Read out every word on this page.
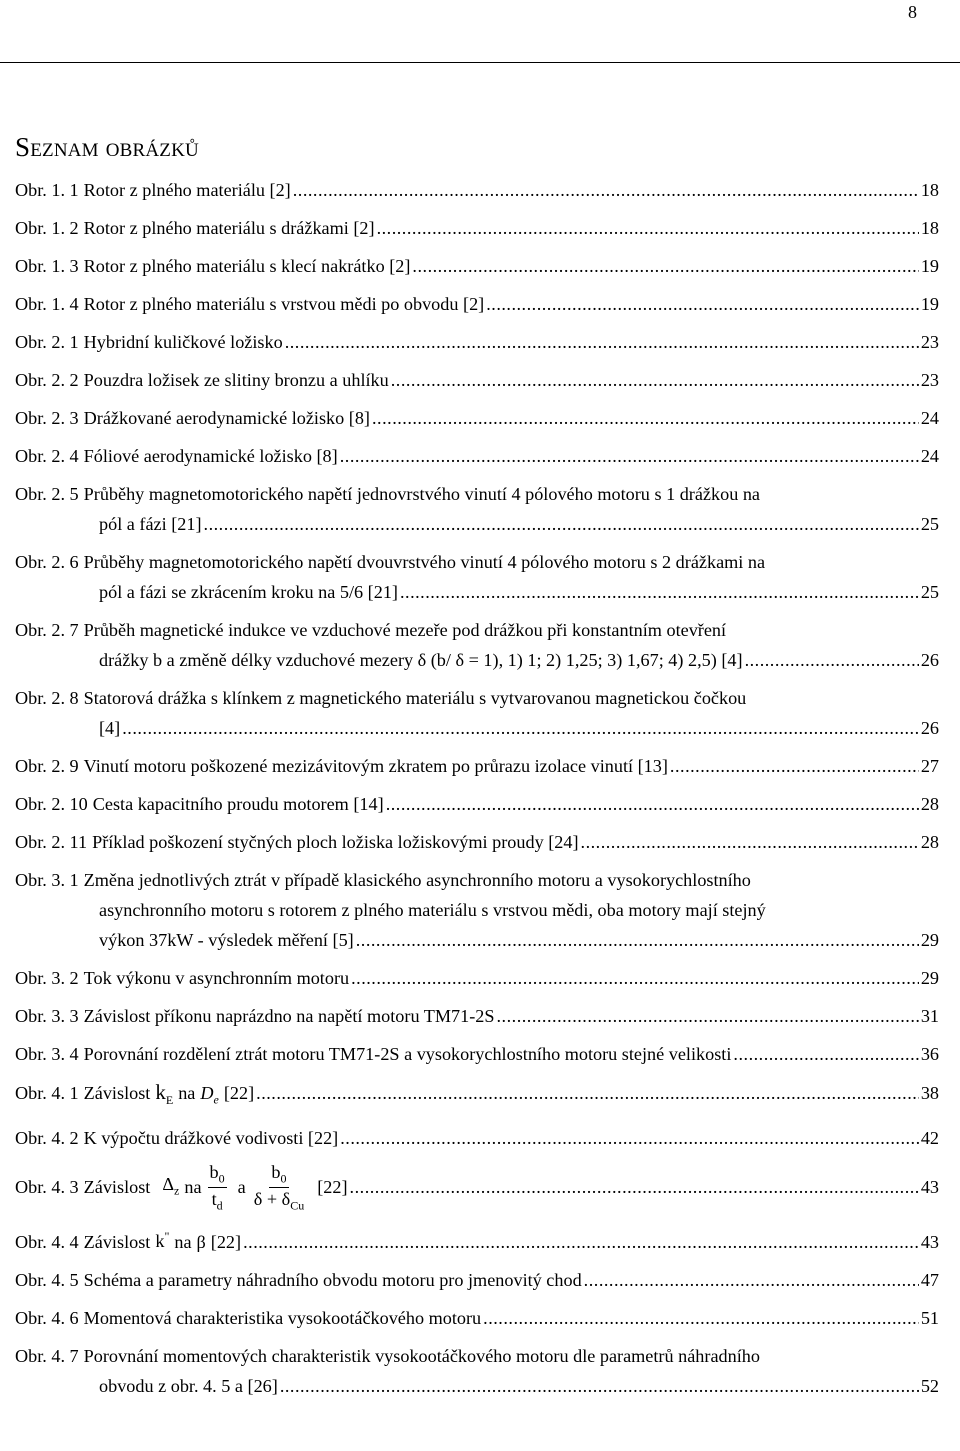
8
Seznam obrázků
Obr. 1. 1 Rotor z plného materiálu [2] .....	18
Obr. 1. 2 Rotor z plného materiálu s drážkami [2] .....	18
Obr. 1. 3 Rotor z plného materiálu s klecí nakrátko [2] .....	19
Obr. 1. 4 Rotor z plného materiálu s vrstvou mědi po obvodu [2] .....	19
Obr. 2. 1 Hybridní kuličkové ložisko .....	23
Obr. 2. 2 Pouzdra ložisek ze slitiny bronzu a uhlíku .....	23
Obr. 2. 3 Drážkované aerodynamické ložisko [8] .....	24
Obr. 2. 4 Fóliové aerodynamické ložisko [8] .....	24
Obr. 2. 5 Průběhy magnetomotorického napětí jednovrstvého vinutí 4 pólového motoru s 1 drážkou na
pól a fázi [21] .....	25
Obr. 2. 6 Průběhy magnetomotorického napětí dvouvrstvého vinutí 4 pólového motoru s 2 drážkami na
pól a fázi se zkrácením kroku na 5/6 [21] .....	25
Obr. 2. 7 Průběh magnetické indukce ve vzduchové mezeře pod drážkou při konstantním otevření
drážky b a změně délky vzduchové mezery δ (b/ δ = 1), 1) 1; 2) 1,25; 3) 1,67; 4) 2,5) [4] .....	26
Obr. 2. 8 Statorová drážka s klínkem z magnetického materiálu s vytvarovanou magnetickou čočkou
[4] .....	26
Obr. 2. 9 Vinutí motoru poškozené mezizávitovým zkratem po průrazu izolace vinutí [13] .....	27
Obr. 2. 10 Cesta kapacitního proudu motorem [14] .....	28
Obr. 2. 11 Příklad poškození styčných ploch ložiska ložiskovými proudy [24] .....	28
Obr. 3. 1 Změna jednotlivých ztrát v případě klasického asynchronního motoru a vysokorychlostního
asynchronního motoru s rotorem z plného materiálu s vrstvou mědi, oba motory mají stejný
výkon 37kW - výsledek měření [5] .....	29
Obr. 3. 2 Tok výkonu v asynchronním motoru .....	29
Obr. 3. 3 Závislost příkonu naprázdno na napětí motoru TM71-2S .....	31
Obr. 3. 4 Porovnání rozdělení ztrát motoru TM71-2S a vysokorychlostního motoru stejné velikosti .....	36
Obr. 4. 1 Závislost $k_E$ na $D_e$ [22] .....	38
Obr. 4. 2 K výpočtu drážkové vodivosti [22] .....	42
Obr. 4. 3 Závislost $\Delta_z$ na $\frac{b_0}{t_d}$ a $\frac{b_0}{\delta + \delta_{Cu}} [22]$ .....	43
Obr. 4. 4 Závislost k" na β [22] .....	43
Obr. 4. 5 Schéma a parametry náhradního obvodu motoru pro jmenovitý chod .....	47
Obr. 4. 6 Momentová charakteristika vysokootáčkového motoru .....	51
Obr. 4. 7 Porovnání momentových charakteristik vysokootáčkového motoru dle parametrů náhradního
obvodu z obr. 4. 5 a [26] .....	52
